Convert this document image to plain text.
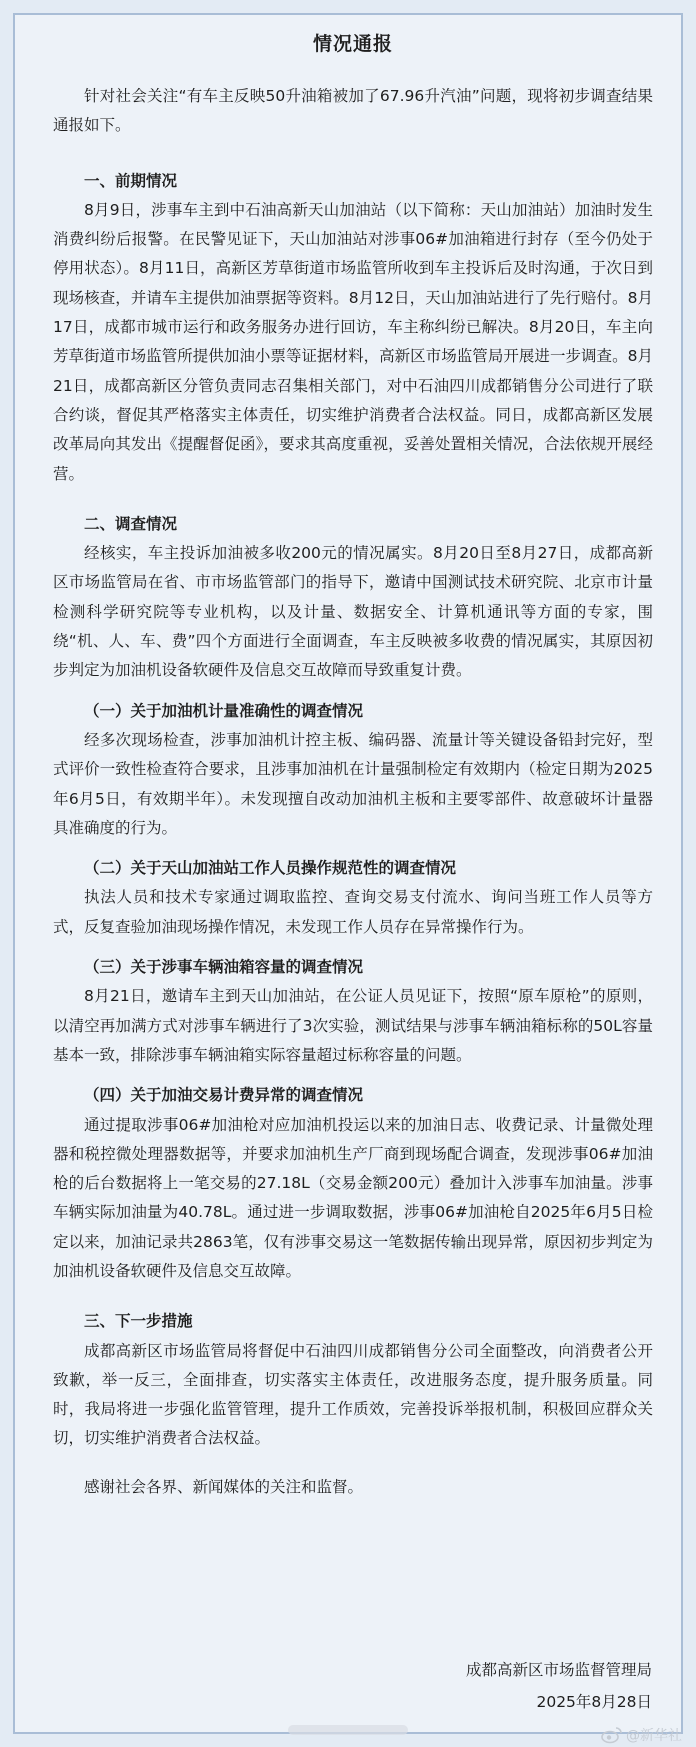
情况通报

针对社会关注“有车主反映50升油箱被加了67.96升汽油”问题，现将初步调查结果通报如下。

一、前期情况

8月9日，涉事车主到中石油高新天山加油站（以下简称：天山加油站）加油时发生消费纠纷后报警。在民警见证下，天山加油站对涉事06#加油箱进行封存（至今仍处于停用状态）。8月11日，高新区芳草街道市场监管所收到车主投诉后及时沟通，于次日到现场核查，并请车主提供加油票据等资料。8月12日，天山加油站进行了先行赔付。8月17日，成都市城市运行和政务服务办进行回访，车主称纠纷已解决。8月20日，车主向芳草街道市场监管所提供加油小票等证据材料，高新区市场监管局开展进一步调查。8月21日，成都高新区分管负责同志召集相关部门，对中石油四川成都销售分公司进行了联合约谈，督促其严格落实主体责任，切实维护消费者合法权益。同日，成都高新区发展改革局向其发出《提醒督促函》，要求其高度重视，妥善处置相关情况，合法依规开展经营。

二、调查情况

经核实，车主投诉加油被多收200元的情况属实。8月20日至8月27日，成都高新区市场监管局在省、市市场监管部门的指导下，邀请中国测试技术研究院、北京市计量检测科学研究院等专业机构，以及计量、数据安全、计算机通讯等方面的专家，围绕“机、人、车、费”四个方面进行全面调查，车主反映被多收费的情况属实，其原因初步判定为加油机设备软硬件及信息交互故障而导致重复计费。

（一）关于加油机计量准确性的调查情况

经多次现场检查，涉事加油机计控主板、编码器、流量计等关键设备铅封完好，型式评价一致性检查符合要求，且涉事加油机在计量强制检定有效期内（检定日期为2025年6月5日，有效期半年）。未发现擅自改动加油机主板和主要零部件、故意破坏计量器具准确度的行为。

（二）关于天山加油站工作人员操作规范性的调查情况

执法人员和技术专家通过调取监控、查询交易支付流水、询问当班工作人员等方式，反复查验加油现场操作情况，未发现工作人员存在异常操作行为。

（三）关于涉事车辆油箱容量的调查情况

8月21日，邀请车主到天山加油站，在公证人员见证下，按照“原车原枪”的原则，以清空再加满方式对涉事车辆进行了3次实验，测试结果与涉事车辆油箱标称的50L容量基本一致，排除涉事车辆油箱实际容量超过标称容量的问题。

（四）关于加油交易计费异常的调查情况

通过提取涉事06#加油枪对应加油机投运以来的加油日志、收费记录、计量微处理器和税控微处理器数据等，并要求加油机生产厂商到现场配合调查，发现涉事06#加油枪的后台数据将上一笔交易的27.18L（交易金额200元）叠加计入涉事车加油量。涉事车辆实际加油量为40.78L。通过进一步调取数据，涉事06#加油枪自2025年6月5日检定以来，加油记录共2863笔，仅有涉事交易这一笔数据传输出现异常，原因初步判定为加油机设备软硬件及信息交互故障。

三、下一步措施

成都高新区市场监管局将督促中石油四川成都销售分公司全面整改，向消费者公开致歉，举一反三，全面排查，切实落实主体责任，改进服务态度，提升服务质量。同时，我局将进一步强化监管管理，提升工作质效，完善投诉举报机制，积极回应群众关切，切实维护消费者合法权益。

感谢社会各界、新闻媒体的关注和监督。

成都高新区市场监督管理局
2025年8月28日
@新华社
